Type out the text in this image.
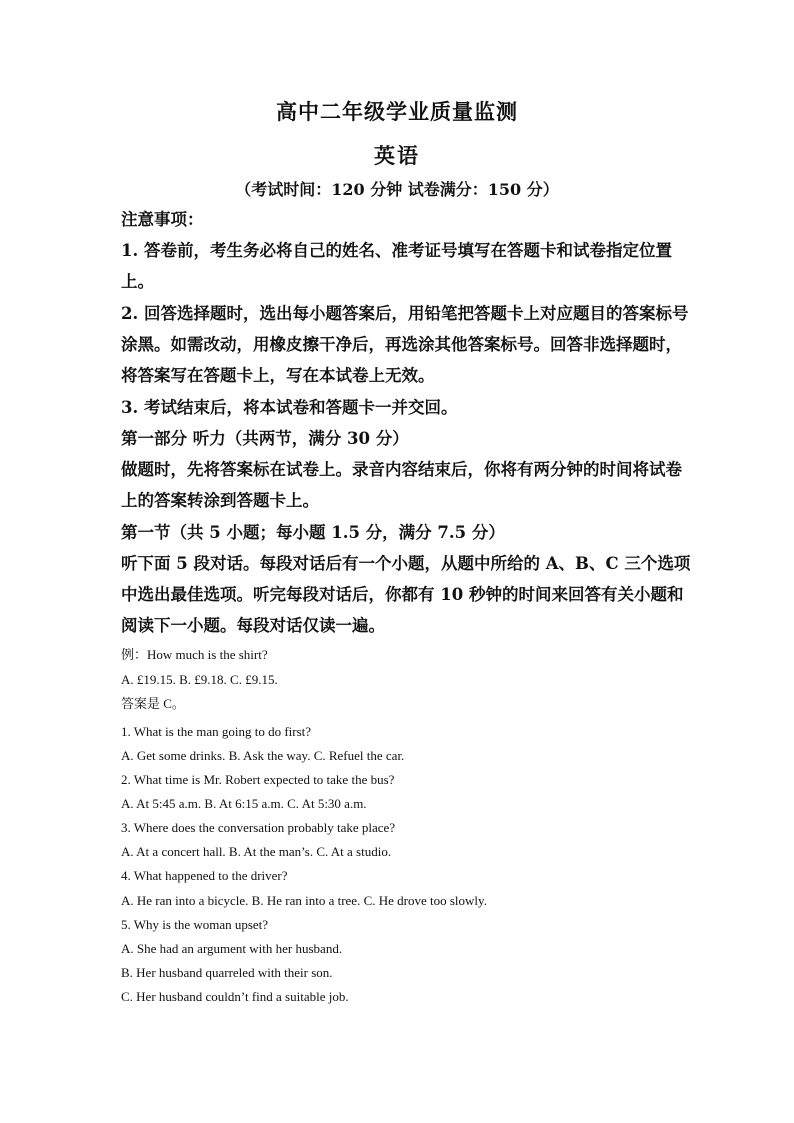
高中二年级学业质量监测
英语
（考试时间：120 分钟 试卷满分：150 分）
注意事项：
1. 答卷前，考生务必将自己的姓名、准考证号填写在答题卡和试卷指定位置
上。
2. 回答选择题时，选出每小题答案后，用铅笔把答题卡上对应题目的答案标号
涂黑。如需改动，用橡皮擦干净后，再选涂其他答案标号。回答非选择题时，
将答案写在答题卡上，写在本试卷上无效。
3. 考试结束后，将本试卷和答题卡一并交回。
第一部分 听力（共两节，满分 30 分）
做题时，先将答案标在试卷上。录音内容结束后，你将有两分钟的时间将试卷
上的答案转涂到答题卡上。
第一节（共 5 小题；每小题 1.5 分，满分 7.5 分）
听下面 5 段对话。每段对话后有一个小题，从题中所给的 A、B、C 三个选项
中选出最佳选项。听完每段对话后，你都有 10 秒钟的时间来回答有关小题和
阅读下一小题。每段对话仅读一遍。
例：How much is the shirt?
A. £19.15. B. £9.18. C. £9.15.
答案是 C。
1. What is the man going to do first?
A. Get some drinks. B. Ask the way. C. Refuel the car.
2. What time is Mr. Robert expected to take the bus?
A. At 5:45 a.m. B. At 6:15 a.m. C. At 5:30 a.m.
3. Where does the conversation probably take place?
A. At a concert hall. B. At the man’s. C. At a studio.
4. What happened to the driver?
A. He ran into a bicycle. B. He ran into a tree. C. He drove too slowly.
5. Why is the woman upset?
A. She had an argument with her husband.
B. Her husband quarreled with their son.
C. Her husband couldn’t find a suitable job.
